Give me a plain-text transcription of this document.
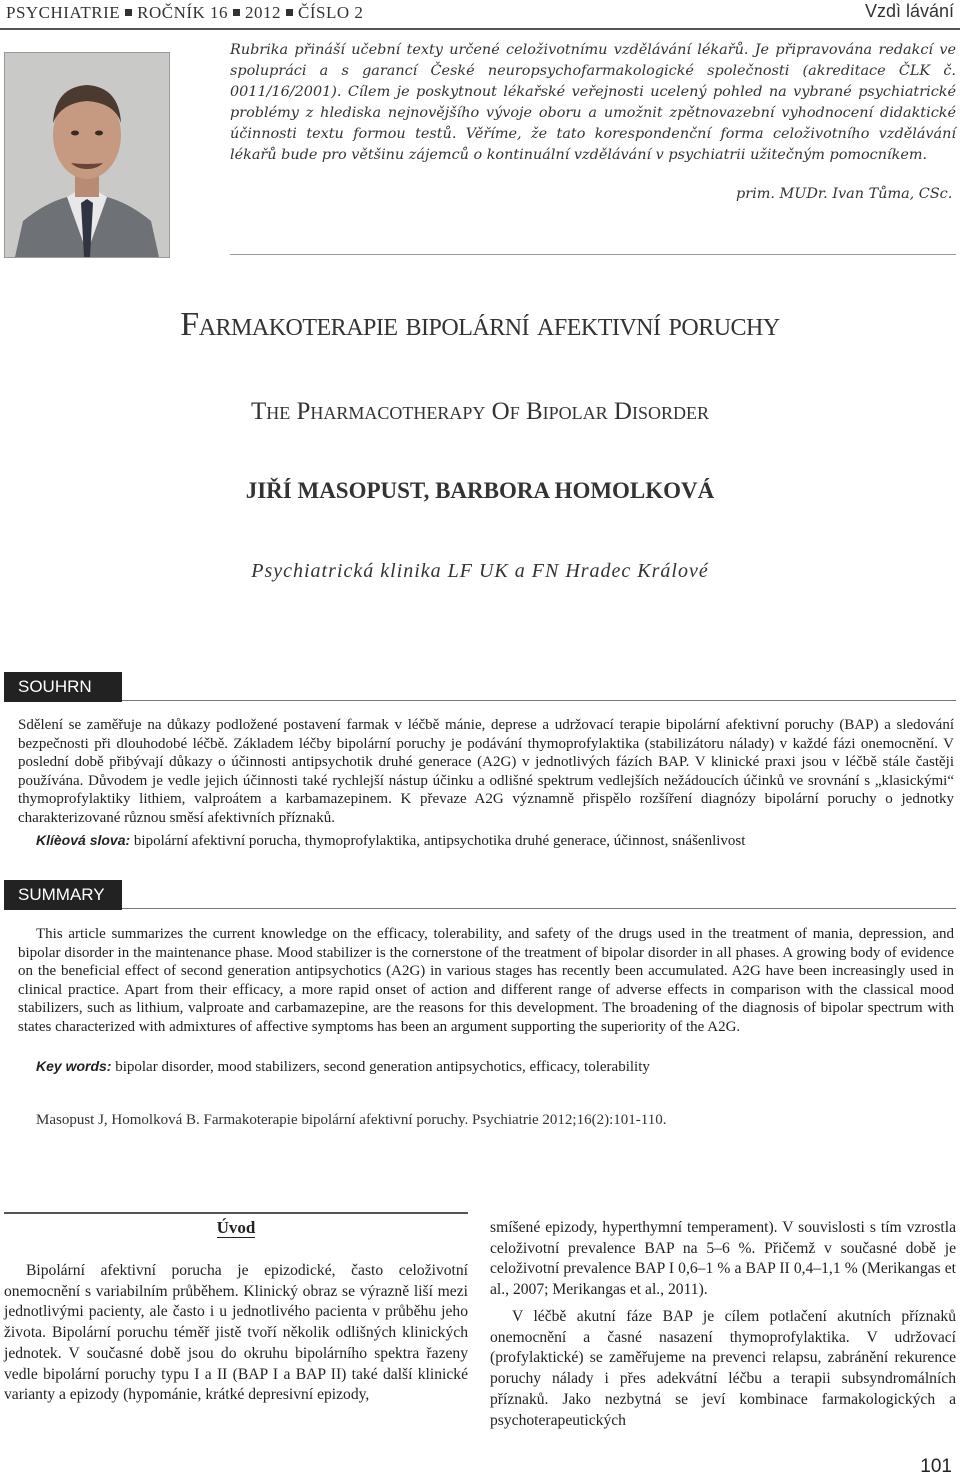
PSYCHIATRIE ROČNÍK 16 2012 ČÍSLO 2	Vzdì lávání

Rubrika přináší učební texty určené celoživotnímu vzdělávání lékařů. Je připravována redakcí ve spolupráci a s garancí České neuropsychofarmakologické společnosti (akreditace ČLK č. 0011/16/2001). Cílem je poskytnout lékařské veřejnosti ucelený pohled na vybrané psychiatrické problémy z hlediska nejnovějšího vývoje oboru a umožnit zpětnovazební vyhodnocení didaktické účinnosti textu formou testů. Věříme, že tato korespondenční forma celoživotního vzdělávání lékařů bude pro většinu zájemců o kontinuální vzdělávání v psychiatrii užitečným pomocníkem.

prim. MUDr. Ivan Tůma, CSc.

Farmakoterapie bipolární afektivní poruchy
The Pharmacotherapy Of Bipolar Disorder

JIŘÍ MASOPUST, BARBORA HOMOLKOVÁ

Psychiatrická klinika LF UK a FN Hradec Králové

SOUHRN

Sdělení se zaměřuje na důkazy podložené postavení farmak v léčbě mánie, deprese a udržovací terapie bipolární afektivní poruchy (BAP) a sledování bezpečnosti při dlouhodobé léčbě. Základem léčby bipolární poruchy je podávání thymoprofylaktika (stabilizátoru nálady) v každé fázi onemocnění. V poslední době přibývají důkazy o účinnosti antipsychotik druhé generace (A2G) v jednotlivých fázích BAP. V klinické praxi jsou v léčbě stále častěji používána. Důvodem je vedle jejich účinnosti také rychlejší nástup účinku a odlišné spektrum vedlejších nežádoucích účinků ve srovnání s „klasickými“ thymoprofylaktiky lithiem, valproátem a karbamazepinem. K převaze A2G významně přispělo rozšíření diagnózy bipolární poruchy o jednotky charakterizované různou směsí afektivních příznaků.

Klíèová slova: bipolární afektivní porucha, thymoprofylaktika, antipsychotika druhé generace, účinnost, snášenlivost

SUMMARY

This article summarizes the current knowledge on the efficacy, tolerability, and safety of the drugs used in the treatment of mania, depression, and bipolar disorder in the maintenance phase. Mood stabilizer is the cornerstone of the treatment of bipolar disorder in all phases. A growing body of evidence on the beneficial effect of second generation antipsychotics (A2G) in various stages has recently been accumulated. A2G have been increasingly used in clinical practice. Apart from their efficacy, a more rapid onset of action and different range of adverse effects in comparison with the classical mood stabilizers, such as lithium, valproate and carbamazepine, are the reasons for this development. The broadening of the diagnosis of bipolar spectrum with states characterized with admixtures of affective symptoms has been an argument supporting the superiority of the A2G.

Key words: bipolar disorder, mood stabilizers, second generation antipsychotics, efficacy, tolerability

Masopust J, Homolková B. Farmakoterapie bipolární afektivní poruchy. Psychiatrie 2012;16(2):101-110.

Úvod

Bipolární afektivní porucha je epizodické, často celoživotní onemocnění s variabilním průběhem. Klinický obraz se výrazně liší mezi jednotlivými pacienty, ale často i u jednotlivého pacienta v průběhu jeho života. Bipolární poruchu téměř jistě tvoří několik odlišných klinických jednotek. V současné době jsou do okruhu bipolárního spektra řazeny vedle bipolární poruchy typu I a II (BAP I a BAP II) také další klinické varianty a epizody (hypománie, krátké depresivní epizody,

smíšené epizody, hyperthymní temperament). V souvislosti s tím vzrostla celoživotní prevalence BAP na 5–6 %. Přičemž v současné době je celoživotní prevalence BAP I 0,6–1 % a BAP II 0,4–1,1 % (Merikangas et al., 2007; Merikangas et al., 2011).

V léčbě akutní fáze BAP je cílem potlačení akutních příznaků onemocnění a časné nasazení thymoprofylaktika. V udržovací (profylaktické) se zaměřujeme na prevenci relapsu, zabránění rekurence poruchy nálady i přes adekvátní léčbu a terapii subsyndromálních příznaků. Jako nezbytná se jeví kombinace farmakologických a psychoterapeutických

101
